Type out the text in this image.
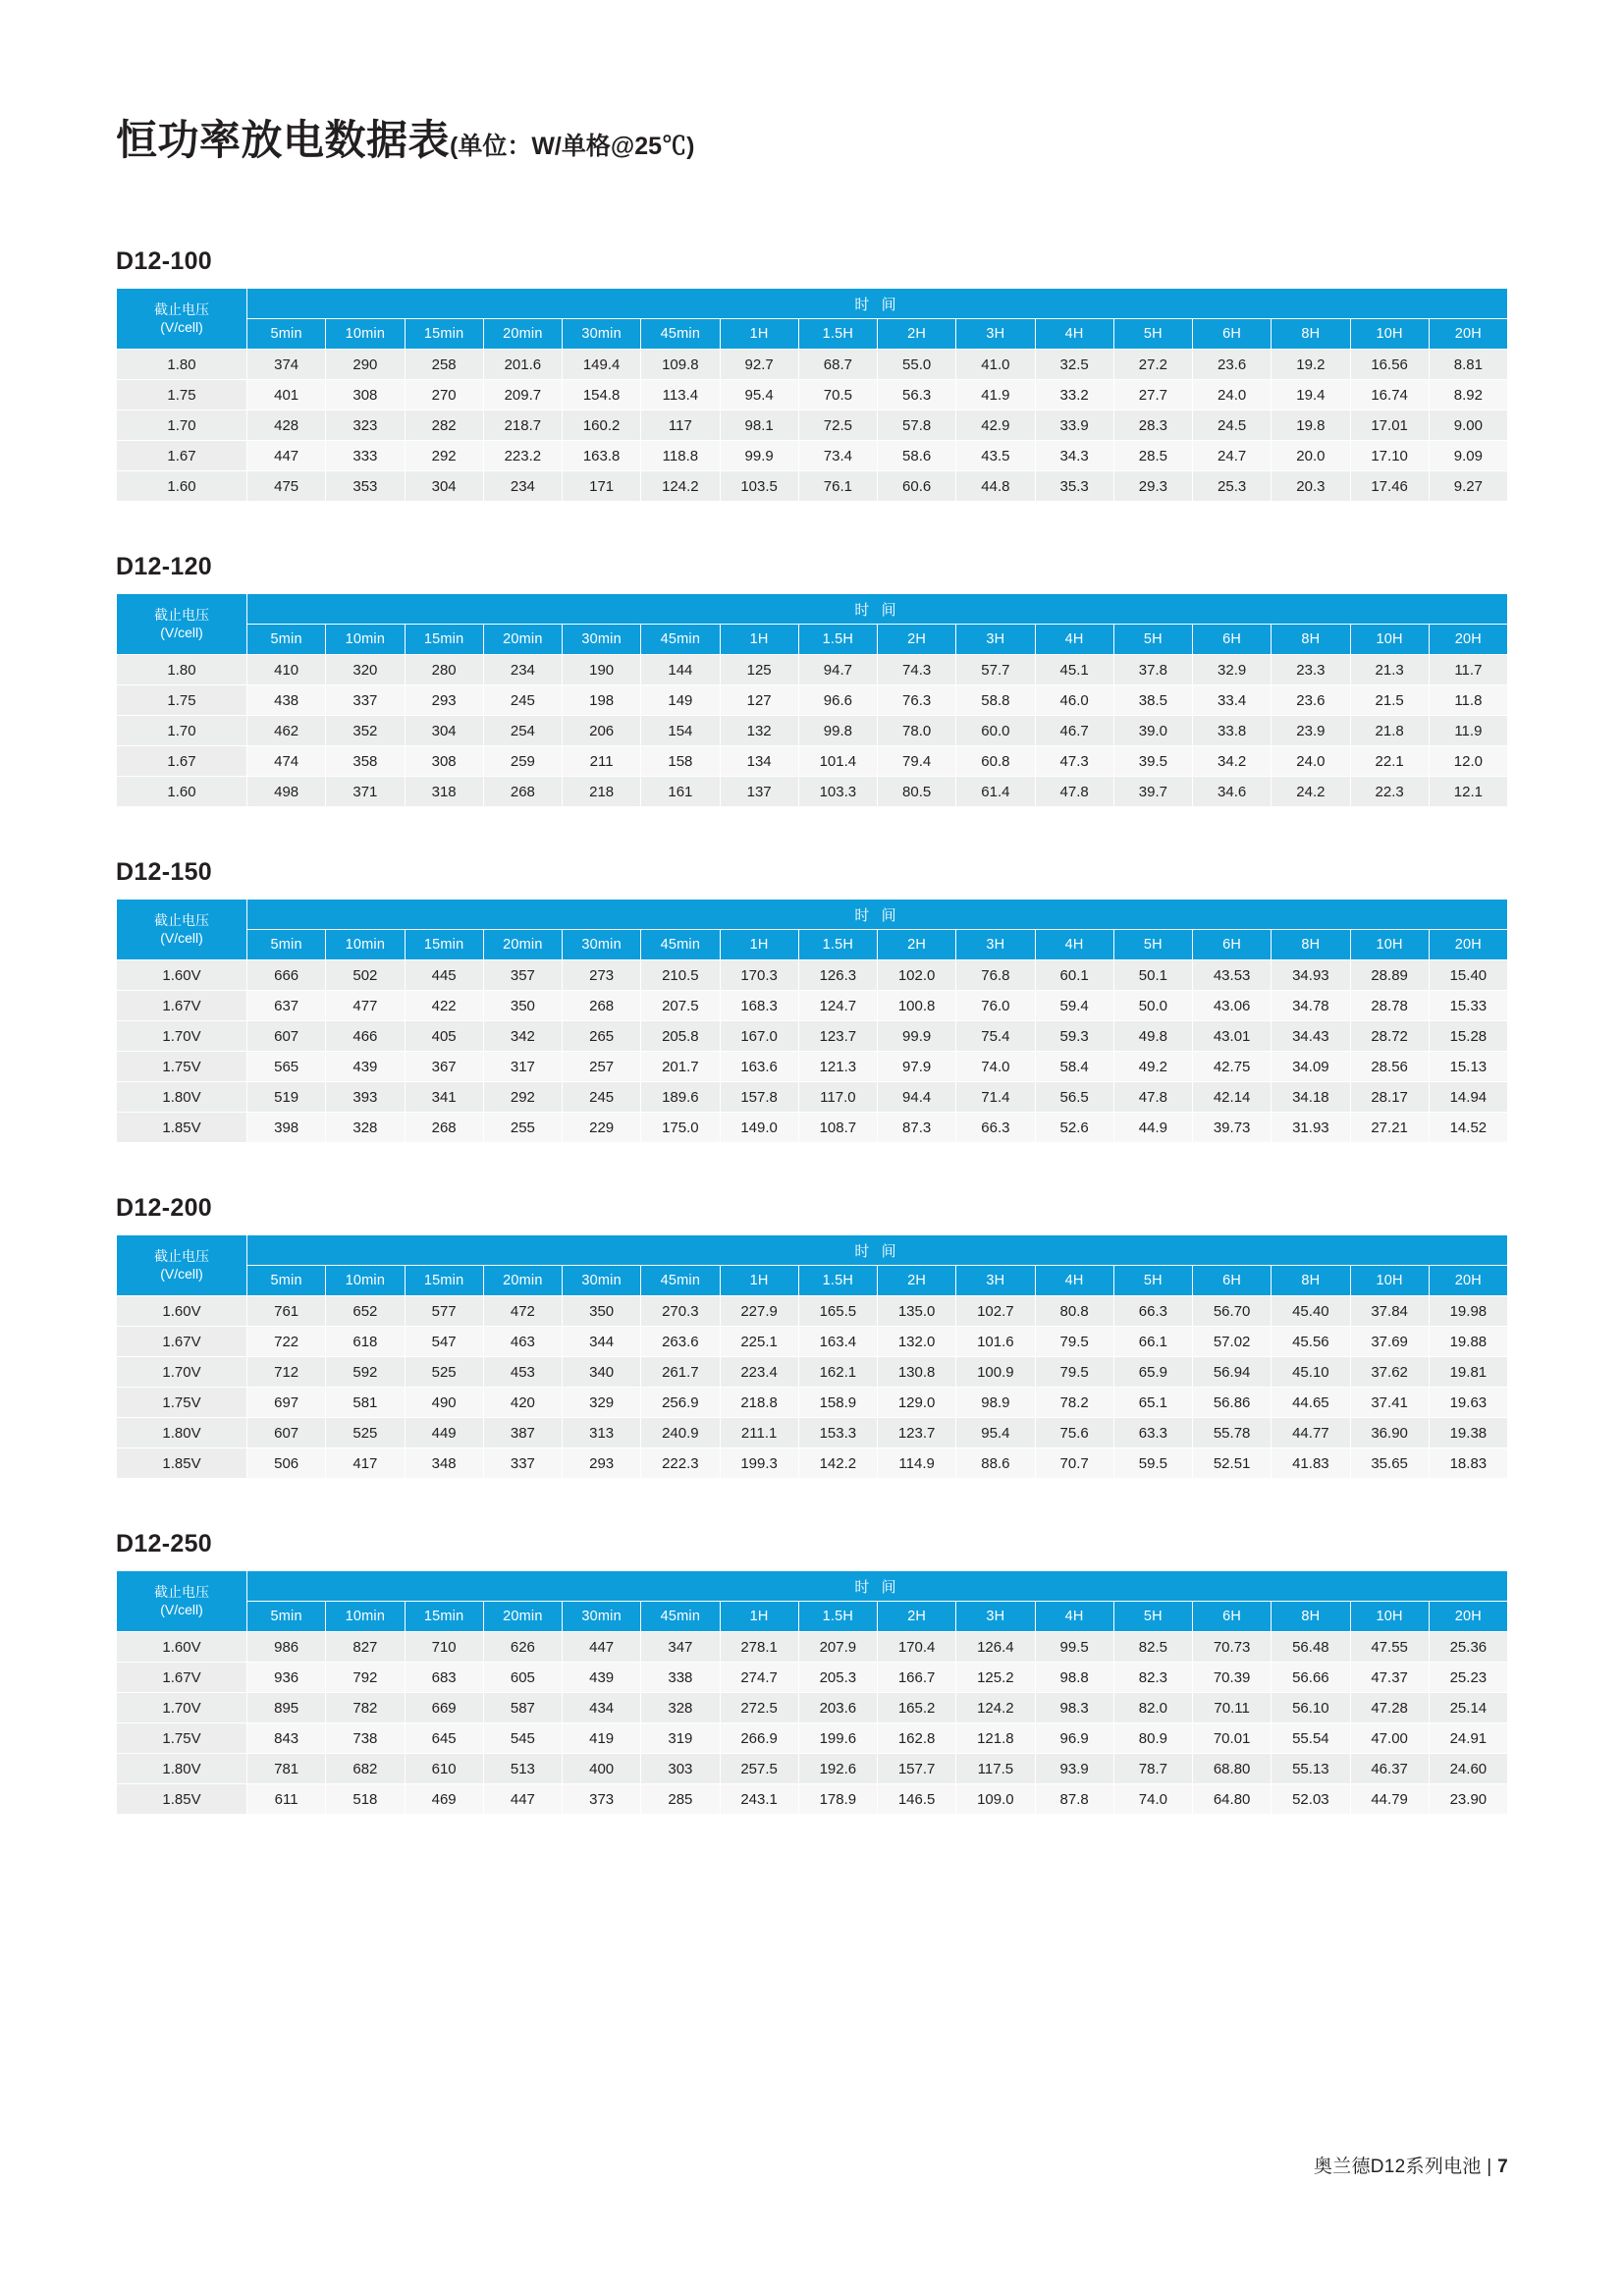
恒功率放电数据表(单位：W/单格@25℃)
D12-100
截止电压
(V/cell)	时 间															
	5min	10min	15min	20min	30min	45min	1H	1.5H	2H	3H	4H	5H	6H	8H	10H	20H
1.80	374	290	258	201.6	149.4	109.8	92.7	68.7	55.0	41.0	32.5	27.2	23.6	19.2	16.56	8.81
1.75	401	308	270	209.7	154.8	113.4	95.4	70.5	56.3	41.9	33.2	27.7	24.0	19.4	16.74	8.92
1.70	428	323	282	218.7	160.2	117	98.1	72.5	57.8	42.9	33.9	28.3	24.5	19.8	17.01	9.00
1.67	447	333	292	223.2	163.8	118.8	99.9	73.4	58.6	43.5	34.3	28.5	24.7	20.0	17.10	9.09
1.60	475	353	304	234	171	124.2	103.5	76.1	60.6	44.8	35.3	29.3	25.3	20.3	17.46	9.27
D12-120
截止电压
(V/cell)	时 间															
	5min	10min	15min	20min	30min	45min	1H	1.5H	2H	3H	4H	5H	6H	8H	10H	20H
1.80	410	320	280	234	190	144	125	94.7	74.3	57.7	45.1	37.8	32.9	23.3	21.3	11.7
1.75	438	337	293	245	198	149	127	96.6	76.3	58.8	46.0	38.5	33.4	23.6	21.5	11.8
1.70	462	352	304	254	206	154	132	99.8	78.0	60.0	46.7	39.0	33.8	23.9	21.8	11.9
1.67	474	358	308	259	211	158	134	101.4	79.4	60.8	47.3	39.5	34.2	24.0	22.1	12.0
1.60	498	371	318	268	218	161	137	103.3	80.5	61.4	47.8	39.7	34.6	24.2	22.3	12.1
D12-150
截止电压
(V/cell)	时 间															
	5min	10min	15min	20min	30min	45min	1H	1.5H	2H	3H	4H	5H	6H	8H	10H	20H
1.60V	666	502	445	357	273	210.5	170.3	126.3	102.0	76.8	60.1	50.1	43.53	34.93	28.89	15.40
1.67V	637	477	422	350	268	207.5	168.3	124.7	100.8	76.0	59.4	50.0	43.06	34.78	28.78	15.33
1.70V	607	466	405	342	265	205.8	167.0	123.7	99.9	75.4	59.3	49.8	43.01	34.43	28.72	15.28
1.75V	565	439	367	317	257	201.7	163.6	121.3	97.9	74.0	58.4	49.2	42.75	34.09	28.56	15.13
1.80V	519	393	341	292	245	189.6	157.8	117.0	94.4	71.4	56.5	47.8	42.14	34.18	28.17	14.94
1.85V	398	328	268	255	229	175.0	149.0	108.7	87.3	66.3	52.6	44.9	39.73	31.93	27.21	14.52
D12-200
截止电压
(V/cell)	时 间															
	5min	10min	15min	20min	30min	45min	1H	1.5H	2H	3H	4H	5H	6H	8H	10H	20H
1.60V	761	652	577	472	350	270.3	227.9	165.5	135.0	102.7	80.8	66.3	56.70	45.40	37.84	19.98
1.67V	722	618	547	463	344	263.6	225.1	163.4	132.0	101.6	79.5	66.1	57.02	45.56	37.69	19.88
1.70V	712	592	525	453	340	261.7	223.4	162.1	130.8	100.9	79.5	65.9	56.94	45.10	37.62	19.81
1.75V	697	581	490	420	329	256.9	218.8	158.9	129.0	98.9	78.2	65.1	56.86	44.65	37.41	19.63
1.80V	607	525	449	387	313	240.9	211.1	153.3	123.7	95.4	75.6	63.3	55.78	44.77	36.90	19.38
1.85V	506	417	348	337	293	222.3	199.3	142.2	114.9	88.6	70.7	59.5	52.51	41.83	35.65	18.83
D12-250
截止电压
(V/cell)	时 间															
	5min	10min	15min	20min	30min	45min	1H	1.5H	2H	3H	4H	5H	6H	8H	10H	20H
1.60V	986	827	710	626	447	347	278.1	207.9	170.4	126.4	99.5	82.5	70.73	56.48	47.55	25.36
1.67V	936	792	683	605	439	338	274.7	205.3	166.7	125.2	98.8	82.3	70.39	56.66	47.37	25.23
1.70V	895	782	669	587	434	328	272.5	203.6	165.2	124.2	98.3	82.0	70.11	56.10	47.28	25.14
1.75V	843	738	645	545	419	319	266.9	199.6	162.8	121.8	96.9	80.9	70.01	55.54	47.00	24.91
1.80V	781	682	610	513	400	303	257.5	192.6	157.7	117.5	93.9	78.7	68.80	55.13	46.37	24.60
1.85V	611	518	469	447	373	285	243.1	178.9	146.5	109.0	87.8	74.0	64.80	52.03	44.79	23.90
奥兰德D12系列电池 | 7
